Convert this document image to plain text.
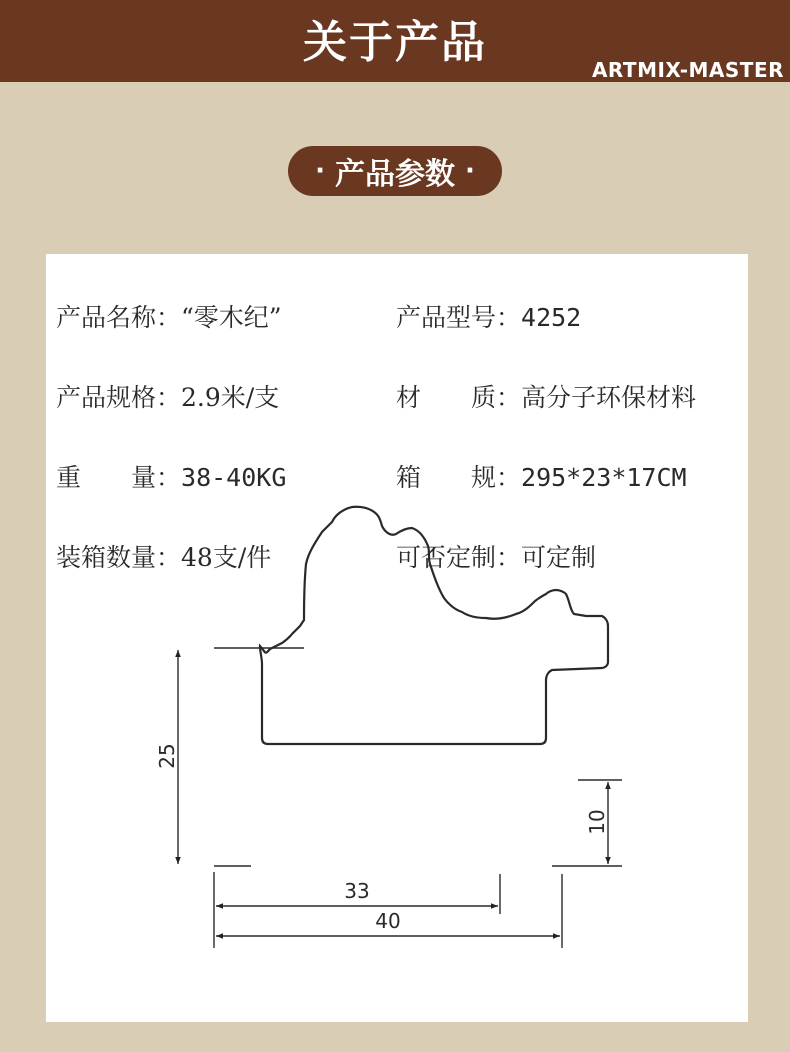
关于产品
ARTMIX-MASTER
· 产品参数 ·
产品名称：“零木纪”	产品型号：4252
产品规格：2.9米/支	材　　质：高分子环保材料
重　　量：38-40KG	箱　　规：295*23*17CM
装箱数量：48支/件	可否定制：可定制
25
10
33
40
